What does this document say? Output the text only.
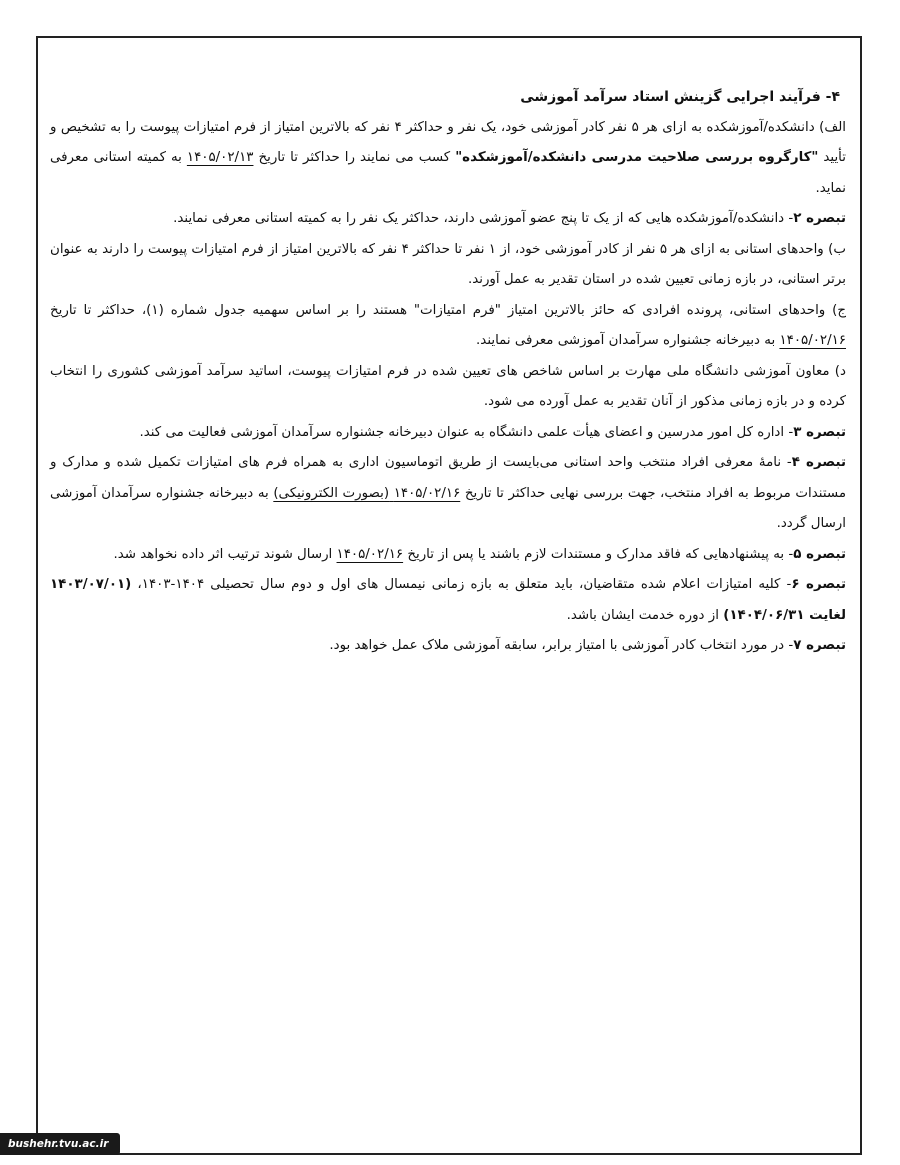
۴- فرآیند اجرایی گزینش استاد سرآمد آموزشی

الف) دانشکده/آموزشکده به ازای هر ۵ نفر کادر آموزشی خود، یک نفر و حداکثر ۴ نفر که بالاترین امتیاز از فرم امتیازات پیوست را به تشخیص و تأیید "کارگروه بررسی صلاحیت مدرسی دانشکده/آموزشکده" کسب می نمایند را حداکثر تا تاریخ ۱۴۰۵/۰۲/۱۳ به کمیته استانی معرفی نماید.

تبصره ۲- دانشکده/آموزشکده هایی که از یک تا پنج عضو آموزشی دارند، حداکثر یک نفر را به کمیته استانی معرفی نمایند.

ب) واحدهای استانی به ازای هر ۵ نفر از کادر آموزشی خود، از ۱ نفر تا حداکثر ۴ نفر که بالاترین امتیاز از فرم امتیازات پیوست را دارند به عنوان برتر استانی، در بازه زمانی تعیین شده در استان تقدیر به عمل آورند.

ج) واحدهای استانی، پرونده افرادی که حائز بالاترین امتیاز "فرم امتیازات" هستند را بر اساس سهمیه جدول شماره (۱)، حداکثر تا تاریخ ۱۴۰۵/۰۲/۱۶ به دبیرخانه جشنواره سرآمدان آموزشی معرفی نمایند.

د) معاون آموزشی دانشگاه ملی مهارت بر اساس شاخص های تعیین شده در فرم امتیازات پیوست، اساتید سرآمد آموزشی کشوری را انتخاب کرده و در بازه زمانی مذکور از آنان تقدیر به عمل آورده می شود.

تبصره ۳- اداره کل امور مدرسین و اعضای هیأت علمی دانشگاه به عنوان دبیرخانه جشنواره سرآمدان آموزشی فعالیت می کند.

تبصره ۴- نامهٔ معرفی افراد منتخب واحد استانی می‌بایست از طریق اتوماسیون اداری به همراه فرم های امتیازات تکمیل شده و مدارک و مستندات مربوط به افراد منتخب، جهت بررسی نهایی حداکثر تا تاریخ ۱۴۰۵/۰۲/۱۶ (بصورت الکترونیکی) به دبیرخانه جشنواره سرآمدان آموزشی ارسال گردد.

تبصره ۵- به پیشنهادهایی که فاقد مدارک و مستندات لازم باشند یا پس از تاریخ ۱۴۰۵/۰۲/۱۶ ارسال شوند ترتیب اثر داده نخواهد شد.

تبصره ۶- کلیه امتیازات اعلام شده متقاضیان، باید متعلق به بازه زمانی نیمسال های اول و دوم سال تحصیلی ۱۴۰۴-۱۴۰۳، (۱۴۰۳/۰۷/۰۱ لغایت ۱۴۰۴/۰۶/۳۱) از دوره خدمت ایشان باشد.

تبصره ۷- در مورد انتخاب کادر آموزشی با امتیاز برابر، سابقه آموزشی ملاک عمل خواهد بود.

bushehr.tvu.ac.ir
